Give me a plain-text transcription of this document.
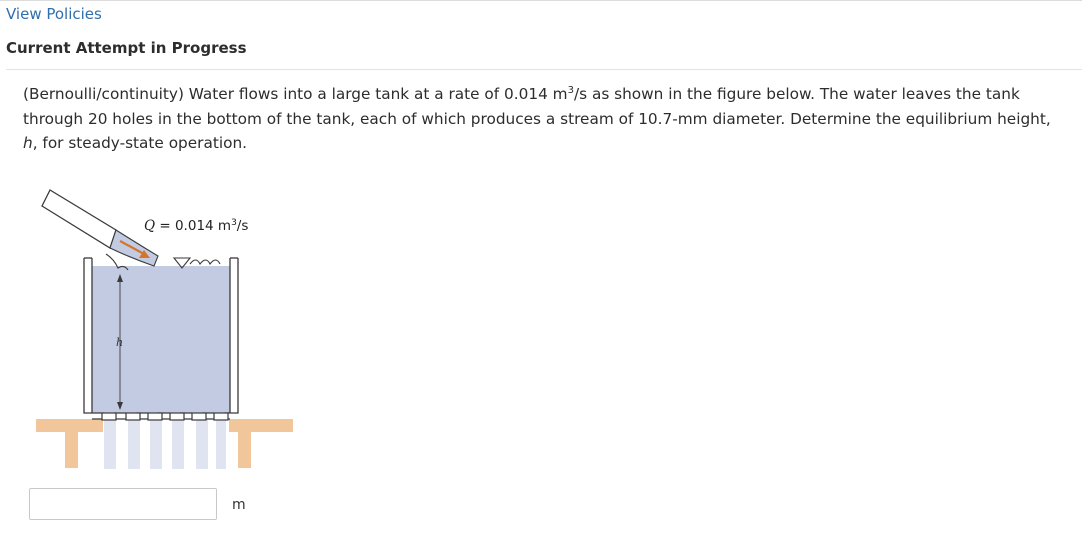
View Policies
Current Attempt in Progress
(Bernoulli/continuity) Water flows into a large tank at a rate of 0.014 $m^3/s$ as shown in the figure below. The water leaves the tank through 20 holes in the bottom of the tank, each of which produces a stream of 10.7-mm diameter. Determine the equilibrium height, h, for steady-state operation.
h
Q = 0.014 $m^3/s$
m
